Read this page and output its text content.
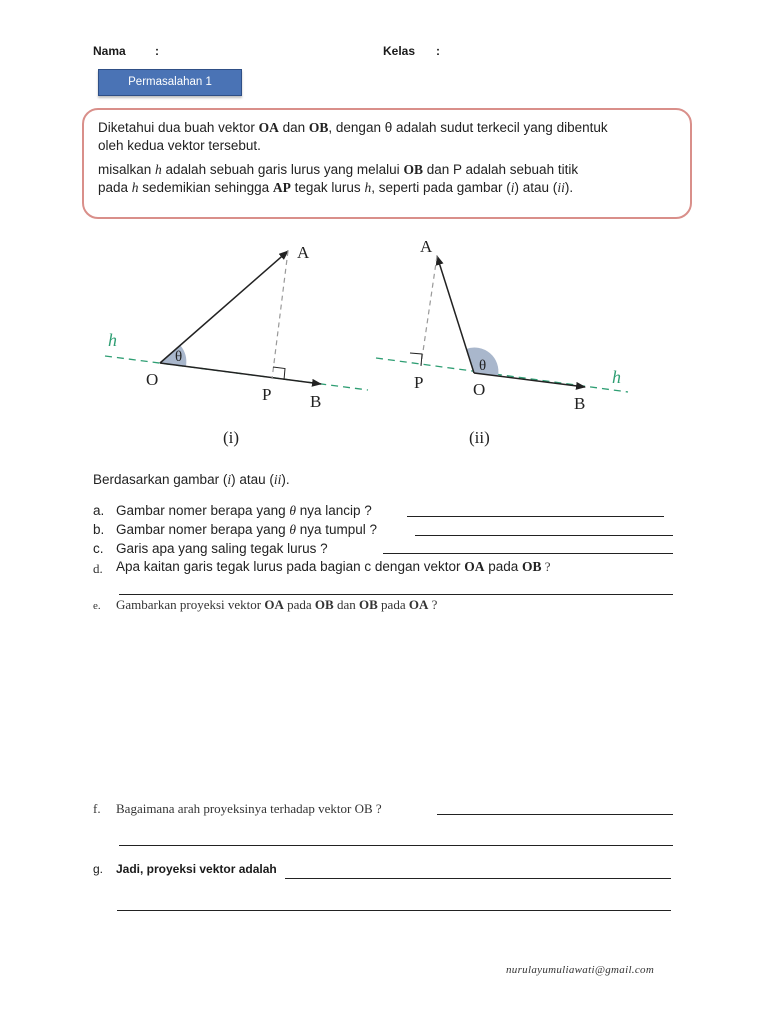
Nama :	Kelas :
Permasalahan 1

Diketahui dua buah vektor OA dan OB, dengan θ adalah sudut terkecil yang dibentuk

oleh kedua vektor tersebut.

misalkan h adalah sebuah garis lurus yang melalui OB dan P adalah sebuah titik

pada h sedemikian sehingga AP tegak lurus h, seperti pada gambar (i) atau (ii).

A
O
P B
h
θ
(i)
A
O
P
B
h
θ
(ii)
Berdasarkan gambar (i) atau (ii).
a. Gambar nomer berapa yang θ nya lancip ?
b. Gambar nomer berapa yang θ nya tumpul ?
c. Garis apa yang saling tegak lurus ?
d. Apa kaitan garis tegak lurus pada bagian c dengan vektor OA pada OB ?
e. Gambarkan proyeksi vektor OA pada OB dan OB pada OA ?
f. Bagaimana arah proyeksinya terhadap vektor OB ?
g. Jadi, proyeksi vektor adalah
nurulayumuliawati@gmail.com
